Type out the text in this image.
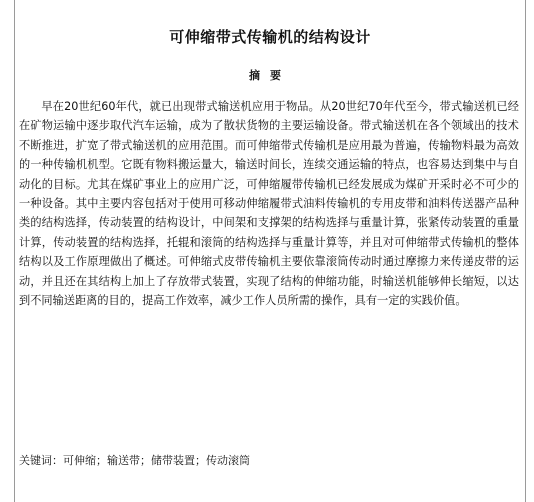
可伸缩带式传输机的结构设计
摘要

早在20世纪60年代，就已出现带式输送机应用于物品。从20世纪70年代至今，带式输送机已经在矿物运输中逐步取代汽车运输，成为了散状货物的主要运输设备。带式输送机在各个领域出的技术不断推进，扩宽了带式输送机的应用范围。而可伸缩带式传输机是应用最为普遍，传输物料最为高效的一种传输机机型。它既有物料搬运量大，输送时间长，连续交通运输的特点，也容易达到集中与自动化的目标。尤其在煤矿事业上的应用广泛，可伸缩履带传输机已经发展成为煤矿开采时必不可少的一种设备。其中主要内容包括对于使用可移动伸缩履带式油料传输机的专用皮带和油料传送器产品种类的结构选择，传动装置的结构设计，中间架和支撑架的结构选择与重量计算，张紧传动装置的重量计算，传动装置的结构选择，托辊和滚筒的结构选择与重量计算等，并且对可伸缩带式传输机的整体结构以及工作原理做出了概述。可伸缩式皮带传输机主要依靠滚筒传动时通过摩擦力来传递皮带的运动，并且还在其结构上加上了存放带式装置，实现了结构的伸缩功能，时输送机能够伸长缩短，以达到不同输送距离的目的，提高工作效率，减少工作人员所需的操作，具有一定的实践价值。

关键词：可伸缩；输送带；储带装置；传动滚筒
